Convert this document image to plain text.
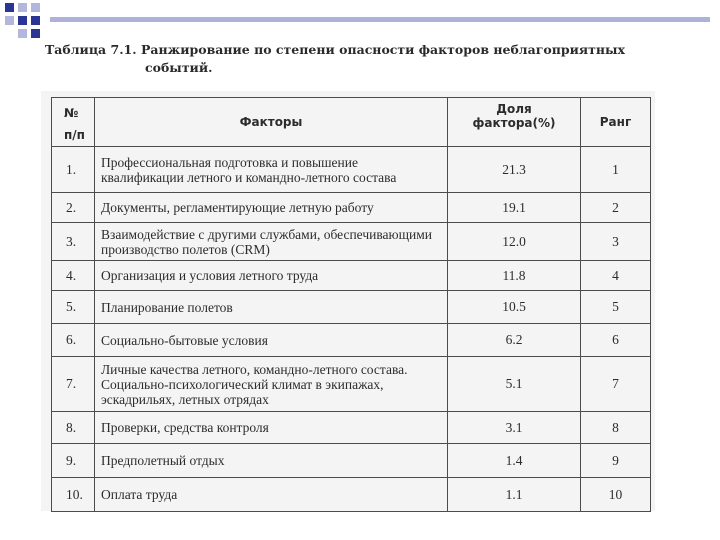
Таблица 7.1. Ранжирование по степени опасности факторов неблагоприятных
событий.
№
п/п	Факторы	Доля фактора(%)	Ранг
1.	Профессиональная подготовка и повышение квалификации летного и командно-летного состава	21.3	1
2.	Документы, регламентирующие летную работу	19.1	2
3.	Взаимодействие с другими службами, обеспечивающими производство полетов (CRM)	12.0	3
4.	Организация и условия летного труда	11.8	4
5.	Планирование полетов	10.5	5
6.	Социально-бытовые условия	6.2	6
7.	Личные качества летного, командно-летного состава. Социально-психологический климат в экипажах, эскадрильях, летных отрядах	5.1	7
8.	Проверки, средства контроля	3.1	8
9.	Предполетный отдых	1.4	9
10.	Оплата труда	1.1	10
